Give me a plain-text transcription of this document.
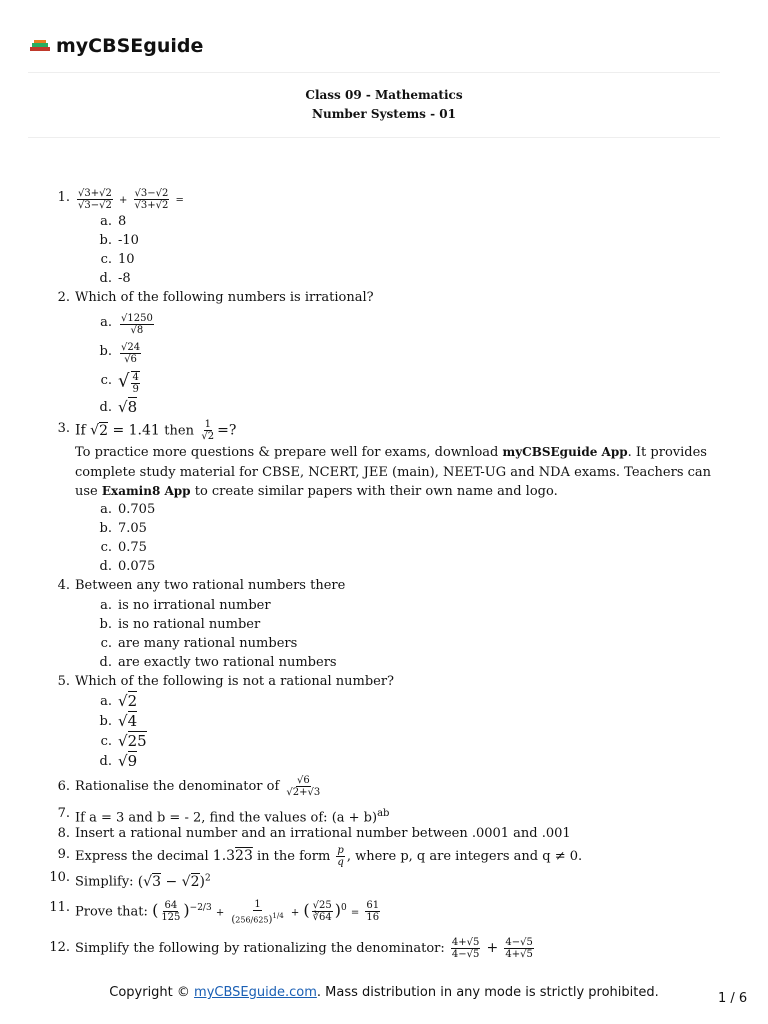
myCBSEguide
Class 09 - Mathematics
Number Systems - 01
1. $\frac{√3+√2}{√3-√2} + \frac{√3-√2}{√3+√2}$ =
a. 8
b. -10
c. 10
d. -8
2. Which of the following numbers is irrational?
a. $\frac{√1250}{√8}$
b. $\frac{√24}{√6}$
c. √ $\frac{4}{9}$
d. √8
3. If √2 = 1.41 then $\frac{1}{√2}$ =?
To practice more questions & prepare well for exams, download myCBSEguide App. It provides complete study material for CBSE, NCERT, JEE (main), NEET-UG and NDA exams. Teachers can use Examin8 App to create similar papers with their own name and logo.
a. 0.705
b. 7.05
c. 0.75
d. 0.075
4. Between any two rational numbers there
a. is no irrational number
b. is no rational number
c. are many rational numbers
d. are exactly two rational numbers
5. Which of the following is not a rational number?
a. √2
b. √4
c. √25
d. √9
6. Rationalise the denominator of $\frac{√6}{√2+√3}$
7. If a = 3 and b = - 2, find the values of: $(a + b)^{ab}$
8. Insert a rational number and an irrational number between .0001 and .001
9. Express the decimal 1.323 in the form $\frac{p}{q}$ , where p, q are integers and q ≠ 0.
10. Simplify: $(√3 - √2)^2$
11. Prove that: ( $\frac{64}{125} )^{-2/3} + \frac{1}{(256/625)^{1/4}}$ + ( $\frac{√25}{∛64} )^0 = \frac{61}{16}$
12. Simplify the following by rationalizing the denominator: $\frac{4+√5}{4-√5} + \frac{4-√5}{4+√5}$
Copyright © myCBSEguide.com. Mass distribution in any mode is strictly prohibited.	1 / 6
